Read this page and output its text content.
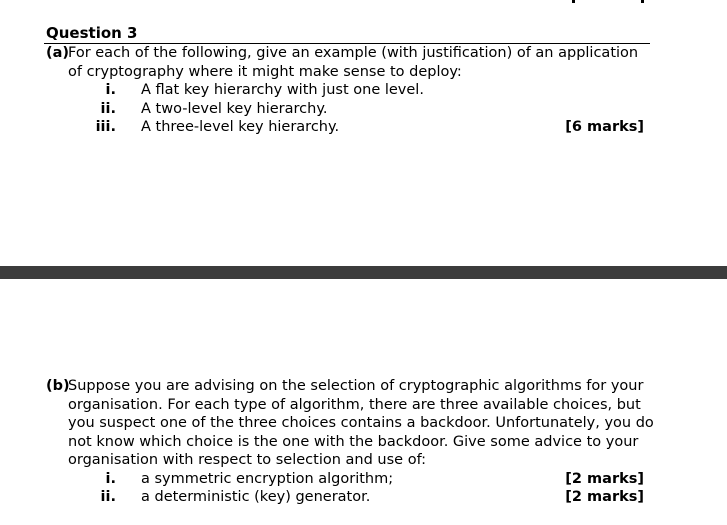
Question 3
(a)
For each of the following, give an example (with justification) of an application
of cryptography where it might make sense to deploy:
i. A flat key hierarchy with just one level.
ii. A two-level key hierarchy.
iii. A three-level key hierarchy.	[6 marks]
(b)
Suppose you are advising on the selection of cryptographic algorithms for your
organisation. For each type of algorithm, there are three available choices, but
you suspect one of the three choices contains a backdoor. Unfortunately, you do
not know which choice is the one with the backdoor. Give some advice to your
organisation with respect to selection and use of:
i. a symmetric encryption algorithm;	[2 marks]
ii. a deterministic (key) generator.	[2 marks]
